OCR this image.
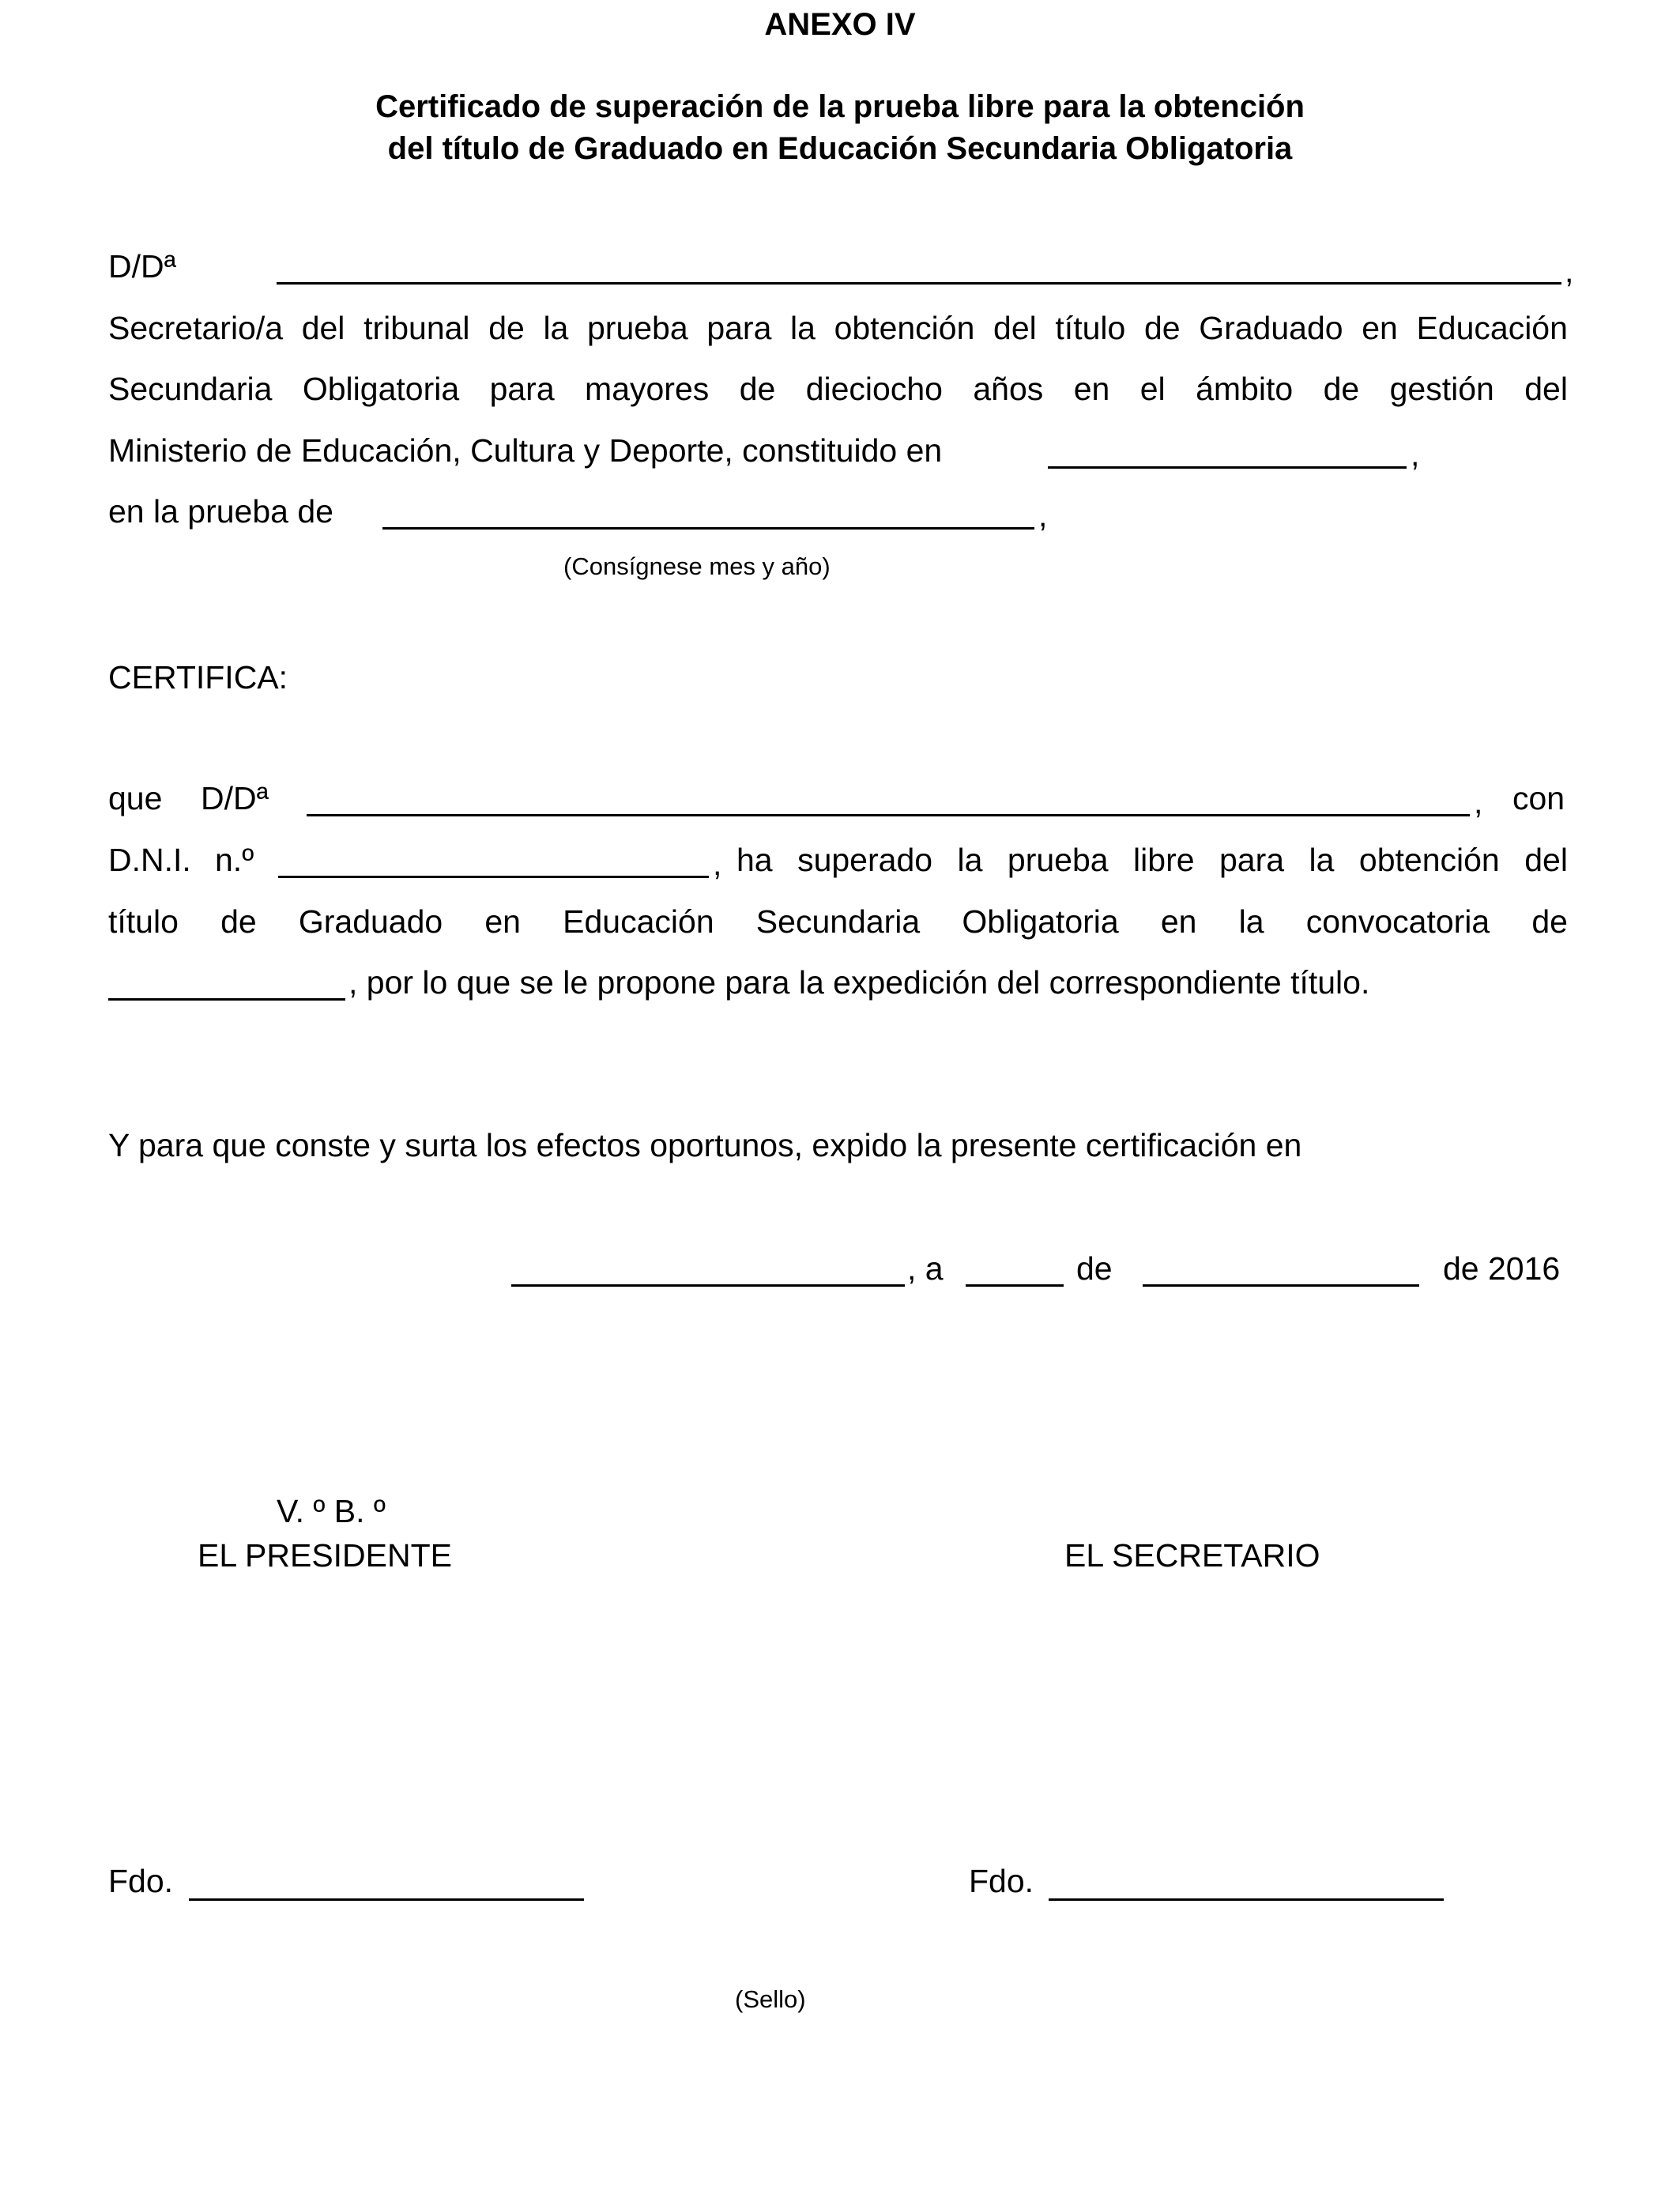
ANEXO IV
Certificado de superación de la prueba libre para la obtención
del título de Graduado en Educación Secundaria Obligatoria
D/Dª	,
Secretario/a del tribunal de la prueba para la obtención del título de Graduado en Educación
Secundaria Obligatoria para mayores de dieciocho años en el ámbito de gestión del
Ministerio de Educación, Cultura y Deporte, constituido en	,
en la prueba de	,
(Consígnese mes y año)
CERTIFICA:
que D/Dª	, con
D.N.I. n.º	, ha superado la prueba libre para la obtención del
título de Graduado en Educación Secundaria Obligatoria en la convocatoria de
, por lo que se le propone para la expedición del correspondiente título.
Y para que conste y surta los efectos oportunos, expido la presente certificación en
, a	de	de 2016
V. º B. º
EL PRESIDENTE	EL SECRETARIO
Fdo.	Fdo.
(Sello)
